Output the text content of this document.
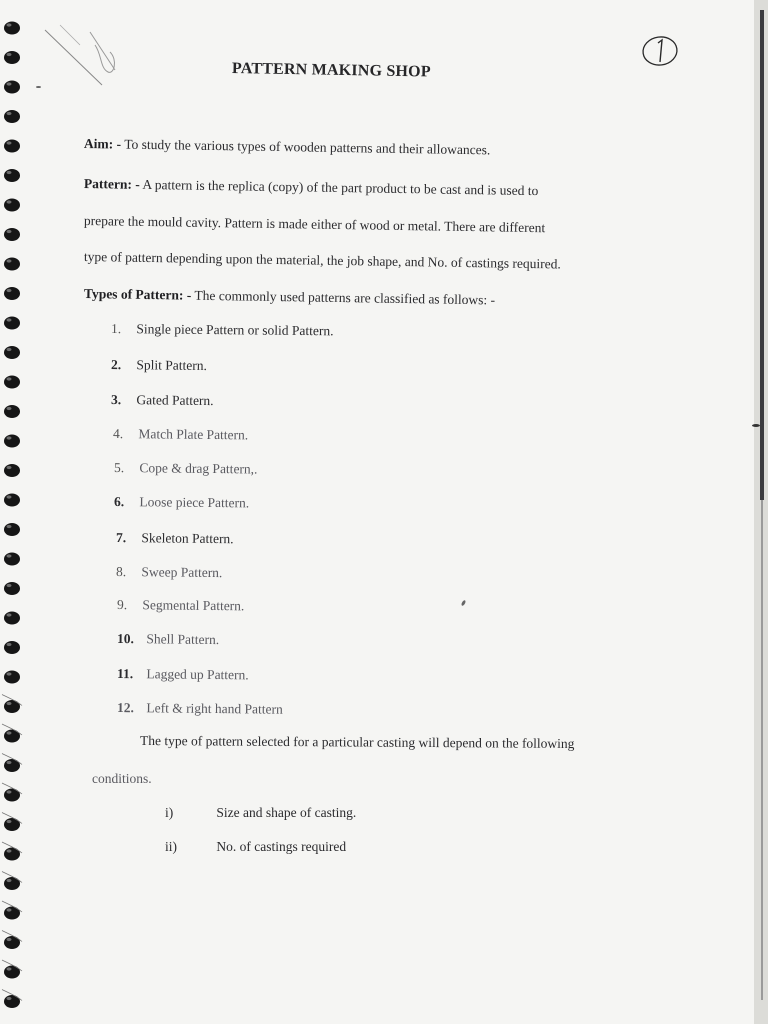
PATTERN MAKING SHOP
Aim: - To study the various types of wooden patterns and their allowances.
Pattern: - A pattern is the replica (copy) of the part product to be cast and is used to
prepare the mould cavity. Pattern is made either of wood or metal. There are different
type of pattern depending upon the material, the job shape, and No. of castings required.
Types of Pattern: - The commonly used patterns are classified as follows: -
1. Single piece Pattern or solid Pattern.
2. Split Pattern.
3. Gated Pattern.
4. Match Plate Pattern.
5. Cope & drag Pattern,.
6. Loose piece Pattern.
7. Skeleton Pattern.
8. Sweep Pattern.
9. Segmental Pattern.
10. Shell Pattern.
11. Lagged up Pattern.
12. Left & right hand Pattern
The type of pattern selected for a particular casting will depend on the following
conditions.
i)	Size and shape of casting.
ii)	No. of castings required
